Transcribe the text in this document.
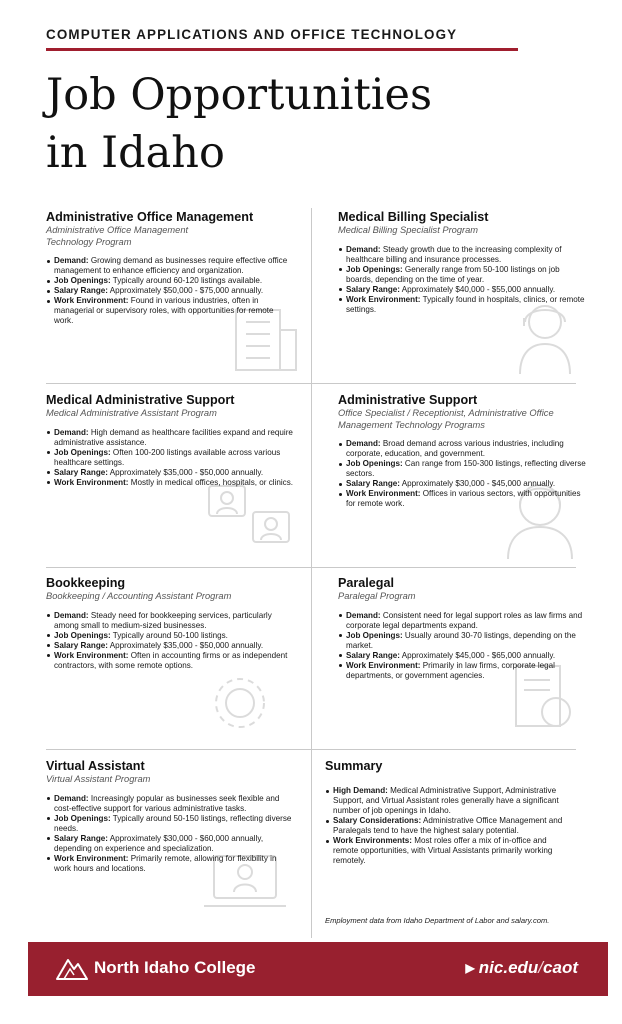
COMPUTER APPLICATIONS AND OFFICE TECHNOLOGY
Job Opportunities
in Idaho
Administrative Office Management
Administrative Office Management Technology Program
Demand: Growing demand as businesses require effective office management to enhance efficiency and organization.
Job Openings: Typically around 60-120 listings available.
Salary Range: Approximately $50,000 - $75,000 annually.
Work Environment: Found in various industries, often in managerial or supervisory roles, with opportunities for remote work.
Medical Billing Specialist
Medical Billing Specialist Program
Demand: Steady growth due to the increasing complexity of healthcare billing and insurance processes.
Job Openings: Generally range from 50-100 listings on job boards, depending on the time of year.
Salary Range: Approximately $40,000 - $55,000 annually.
Work Environment: Typically found in hospitals, clinics, or remote settings.
Medical Administrative Support
Medical Administrative Assistant Program
Demand: High demand as healthcare facilities expand and require administrative assistance.
Job Openings: Often 100-200 listings available across various healthcare settings.
Salary Range: Approximately $35,000 - $50,000 annually.
Work Environment: Mostly in medical offices, hospitals, or clinics.
Administrative Support
Office Specialist / Receptionist, Administrative Office Management Technology Programs
Demand: Broad demand across various industries, including corporate, education, and government.
Job Openings: Can range from 150-300 listings, reflecting diverse sectors.
Salary Range: Approximately $30,000 - $45,000 annually.
Work Environment: Offices in various sectors, with opportunities for remote work.
Bookkeeping
Bookkeeping / Accounting Assistant Program
Demand: Steady need for bookkeeping services, particularly among small to medium-sized businesses.
Job Openings: Typically around 50-100 listings.
Salary Range: Approximately $35,000 - $50,000 annually.
Work Environment: Often in accounting firms or as independent contractors, with some remote options.
Paralegal
Paralegal Program
Demand: Consistent need for legal support roles as law firms and corporate legal departments expand.
Job Openings: Usually around 30-70 listings, depending on the market.
Salary Range: Approximately $45,000 - $65,000 annually.
Work Environment: Primarily in law firms, corporate legal departments, or government agencies.
Virtual Assistant
Virtual Assistant Program
Demand: Increasingly popular as businesses seek flexible and cost-effective support for various administrative tasks.
Job Openings: Typically around 50-150 listings, reflecting diverse needs.
Salary Range: Approximately $30,000 - $60,000 annually, depending on experience and specialization.
Work Environment: Primarily remote, allowing for flexibility in work hours and locations.
Summary
High Demand: Medical Administrative Support, Administrative Support, and Virtual Assistant roles generally have a significant number of job openings in Idaho.
Salary Considerations: Administrative Office Management and Paralegals tend to have the highest salary potential.
Work Environments: Most roles offer a mix of in-office and remote opportunities, with Virtual Assistants primarily working remotely.
Employment data from Idaho Department of Labor and salary.com.
North Idaho College	▶ nic.edu/caot
